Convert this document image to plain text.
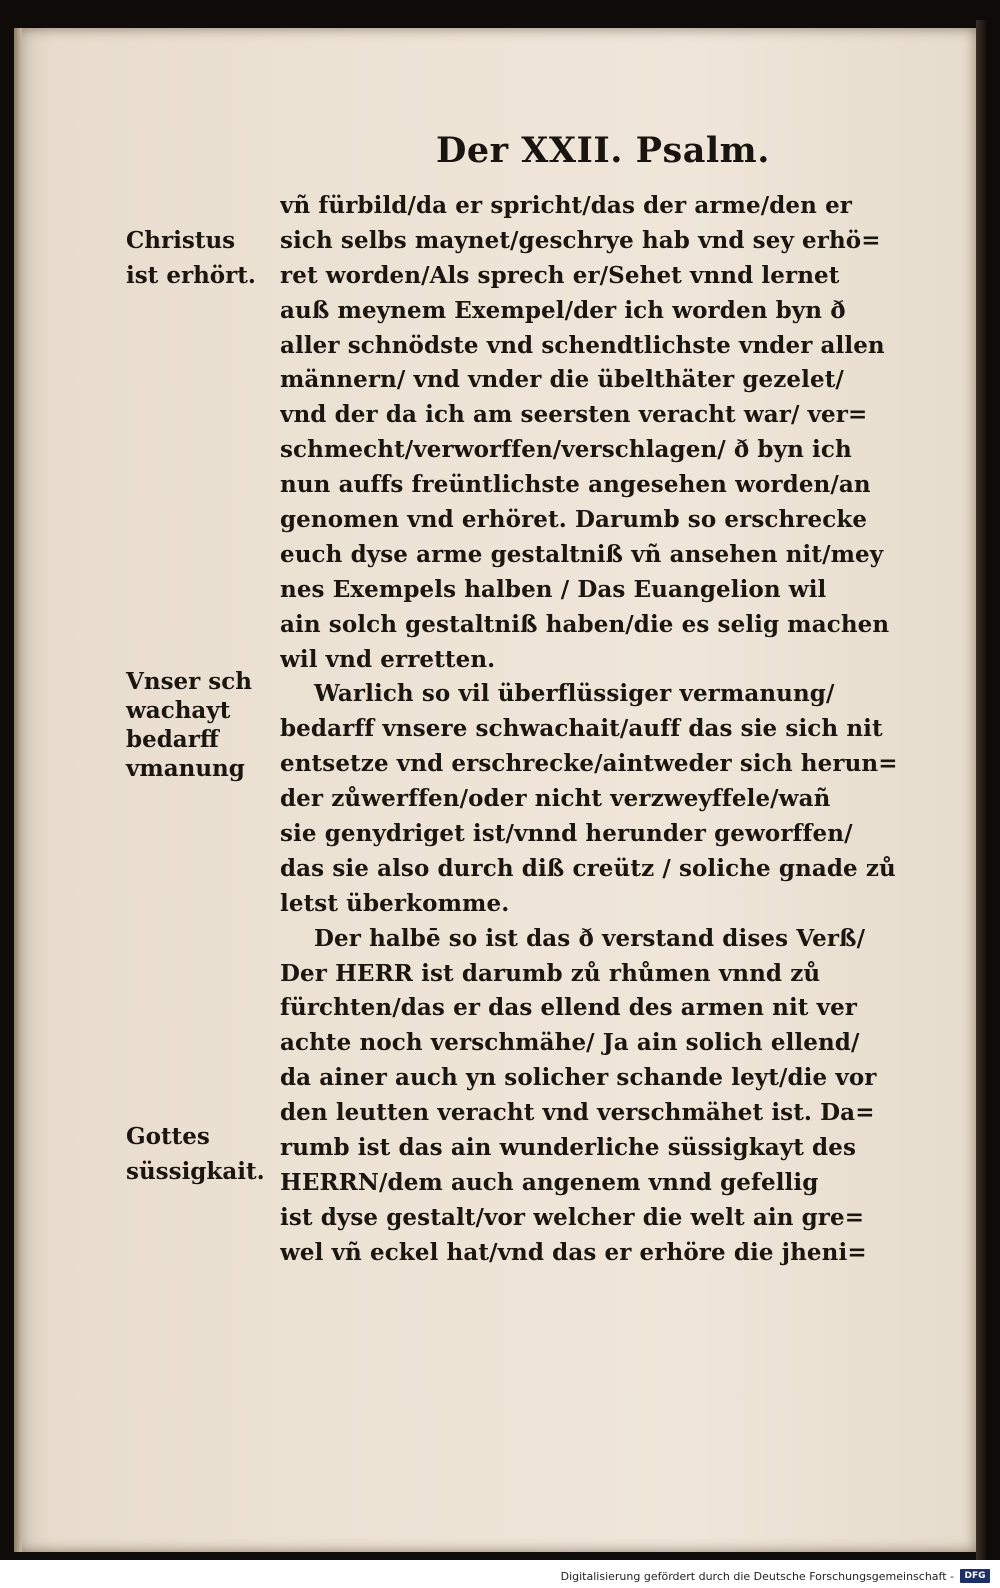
Der XXII. Psalm.
Christus
ist erhört.
Vnser sch
wachayt
bedarff
vmanung
Gottes
süssigkait.
vñ fürbild/da er spricht/das der arme/den er
sich selbs maynet/geschrye hab vnd sey erhö=
ret worden/Als sprech er/Sehet vnnd lernet
auß meynem Exempel/der ich worden byn ð
aller schnödste vnd schendtlichste vnder allen
männern/ vnd vnder die übelthäter gezelet/
vnd der da ich am seersten veracht war/ ver=
schmecht/verworffen/verschlagen/ ð byn ich
nun auffs freüntlichste angesehen worden/an
genomen vnd erhöret. Darumb so erschrecke
euch dyse arme gestaltniß vñ ansehen nit/mey
nes Exempels halben / Das Euangelion wil
ain solch gestaltniß haben/die es selig machen
wil vnd erretten.
Warlich so vil überflüssiger vermanung/
bedarff vnsere schwachait/auff das sie sich nit
entsetze vnd erschrecke/aintweder sich herun=
der zůwerffen/oder nicht verzweyffele/wañ
sie genydriget ist/vnnd herunder geworffen/
das sie also durch diß creütz / soliche gnade zů
letst überkomme.
Der halbē so ist das ð verstand dises Verß/
Der HERR ist darumb zů rhůmen vnnd zů
fürchten/das er das ellend des armen nit ver
achte noch verschmähe/ Ja ain solich ellend/
da ainer auch yn solicher schande leyt/die vor
den leutten veracht vnd verschmähet ist. Da=
rumb ist das ain wunderliche süssigkayt des
HERRN/dem auch angenem vnnd gefellig
ist dyse gestalt/vor welcher die welt ain gre=
wel vñ eckel hat/vnd das er erhöre die jheni=
Digitalisierung gefördert durch die Deutsche Forschungsgemeinschaft -	DFG
